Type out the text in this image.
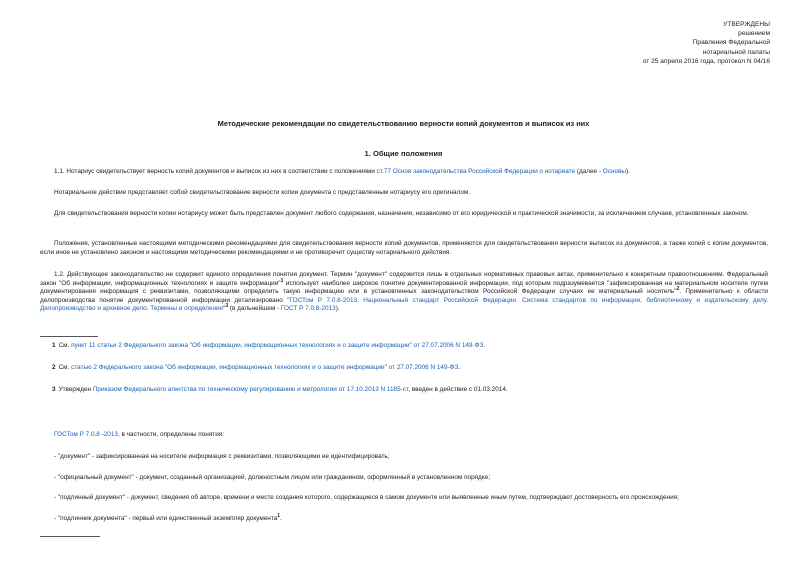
УТВЕРЖДЕНЫ
решением
Правления Федеральной
нотариальной палаты
от 25 апреля 2016 года, протокол N 04/16
Методические рекомендации по свидетельствованию верности копий документов и выписок из них
1. Общие положения
1.1. Нотариус свидетельствует верность копий документов и выписок из них в соответствии с положениями ст.77 Основ законодательства Российской Федерации о нотариате (далее - Основы).
Нотариальное действие представляет собой свидетельствование верности копии документа с представленным нотариусу его оригиналом.
Для свидетельствования верности копии нотариусу может быть представлен документ любого содержания, назначения, независимо от его юридической и практической значимости, за исключением случаев, установленных законом.
Положения, установленные настоящими методическими рекомендациями для свидетельствования верности копий документов, применяются для свидетельствования верности выписок из документов, а также копий с копии документов, если иное не установлено законом и настоящими методическими рекомендациями и не противоречит существу нотариального действия.
1.2. Действующее законодательство не содержит единого определения понятия документ. Термин "документ" содержится лишь в отдельных нормативных правовых актах, применительно к конкретным правоотношениям. Федеральный закон "Об информации, информационных технологиях и защите информации"$^1$ использует наиболее широкое понятие документированной информации, под которым подразумевается "зафиксированная на материальном носителе путем документирования информация с реквизитами, позволяющими определить такую информацию или в установленных законодательством Российской Федерации случаях ее материальный носитель"$^2$. Применительно к области делопроизводства понятие документированной информации детализировано "ГОСТом Р 7.0.8-2013. Национальный стандарт Российской Федерации. Система стандартов по информации, библиотечному и издательскому делу. Делопроизводство и архивное дело. Термины и определения"$^3$ (в дальнейшем - ГОСТ Р 7.0.8-2013).
1 См. пункт 11 статьи 2 Федерального закона "Об информации, информационных технологиях и о защите информации" от 27.07.2006 N 149-ФЗ.
2 См. статью 2 Федерального закона "Об информации, информационных технологиях и о защите информации" от 27.07.2006 N 149-ФЗ.
3 Утвержден Приказом Федерального агентства по техническому регулированию и метрологии от 17.10.2013 N 1185-ст, введен в действие с 01.03.2014.
ГОСТом Р 7.0.8 -2013, в частности, определены понятия:
- "документ" - зафиксированная на носителе информация с реквизитами, позволяющими ее идентифицировать;
- "официальный документ" - документ, созданный организацией, должностным лицом или гражданином, оформленный в установленном порядке;
- "подлинный документ" - документ, сведения об авторе, времени и месте создания которого, содержащиеся в самом документе или выявленные иным путем, подтверждают достоверность его происхождения;
- "подлинник документа" - первый или единственный экземпляр документа$^1$.
